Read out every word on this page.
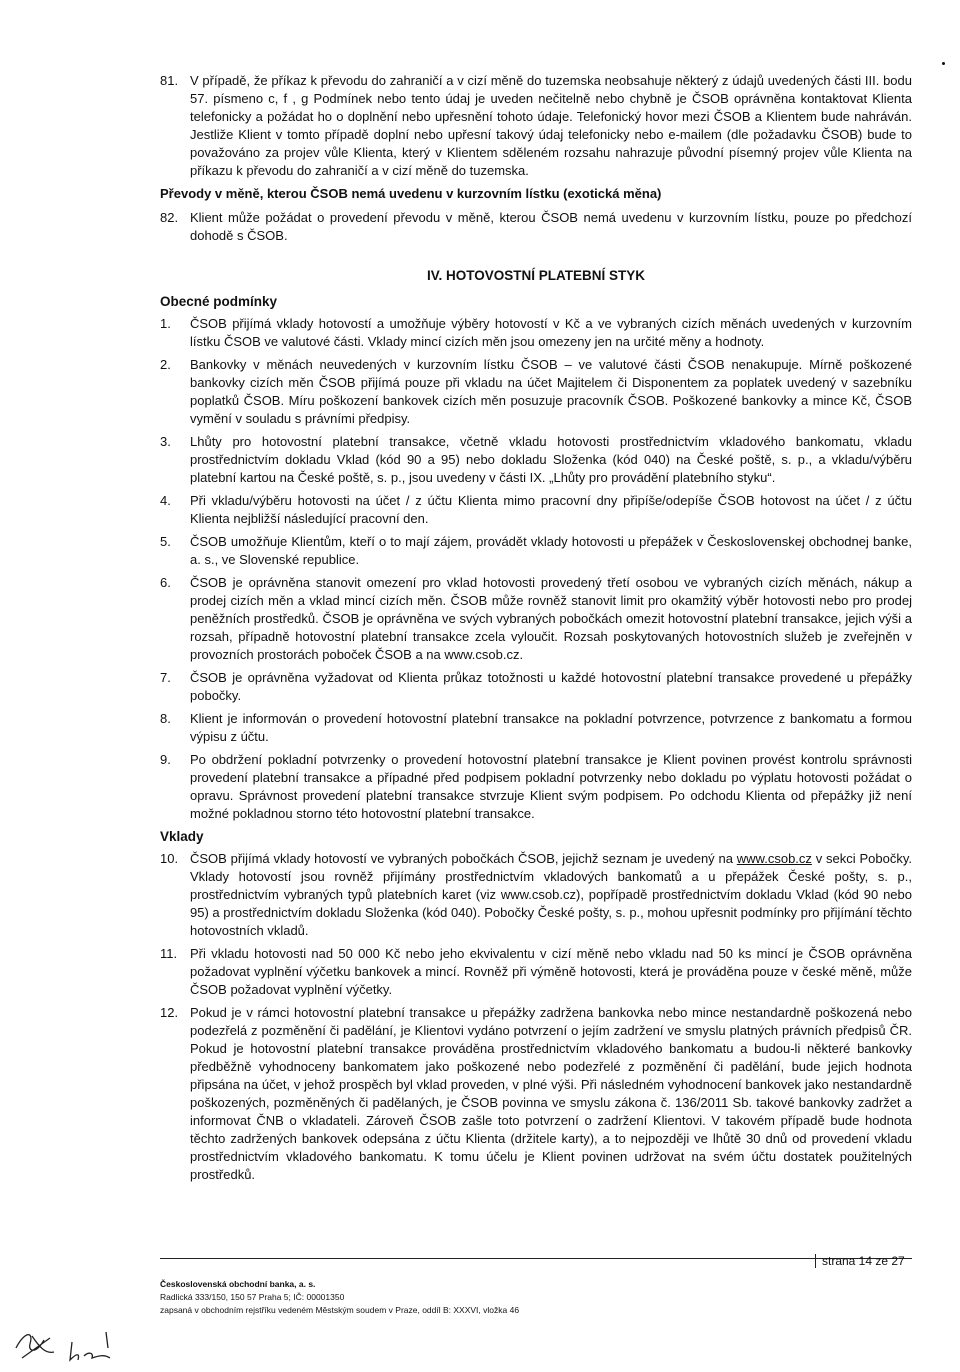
81. V případě, že příkaz k převodu do zahraničí a v cizí měně do tuzemska neobsahuje některý z údajů uvedených části III. bodu 57. písmeno c, f , g Podmínek nebo tento údaj je uveden nečitelně nebo chybně je ČSOB oprávněna kontaktovat Klienta telefonicky a požádat ho o doplnění nebo upřesnění tohoto údaje. Telefonický hovor mezi ČSOB a Klientem bude nahráván. Jestliže Klient v tomto případě doplní nebo upřesní takový údaj telefonicky nebo e-mailem (dle požadavku ČSOB) bude to považováno za projev vůle Klienta, který v Klientem sděleném rozsahu nahrazuje původní písemný projev vůle Klienta na příkazu k převodu do zahraničí a v cizí měně do tuzemska.
Převody v měně, kterou ČSOB nemá uvedenu v kurzovním lístku (exotická měna)
82. Klient může požádat o provedení převodu v měně, kterou ČSOB nemá uvedenu v kurzovním lístku, pouze po předchozí dohodě s ČSOB.
IV. HOTOVOSTNÍ PLATEBNÍ STYK
Obecné podmínky
1.	ČSOB přijímá vklady hotovostí a umožňuje výběry hotovostí v Kč a ve vybraných cizích měnách uvedených v kurzovním lístku ČSOB ve valutové části. Vklady mincí cizích měn jsou omezeny jen na určité měny a hodnoty.
2.	Bankovky v měnách neuvedených v kurzovním lístku ČSOB – ve valutové části ČSOB nenakupuje. Mírně poškozené bankovky cizích měn ČSOB přijímá pouze při vkladu na účet Majitelem či Disponentem za poplatek uvedený v sazebníku poplatků ČSOB. Míru poškození bankovek cizích měn posuzuje pracovník ČSOB. Poškozené bankovky a mince Kč, ČSOB vymění v souladu s právními předpisy.
3.	Lhůty pro hotovostní platební transakce, včetně vkladu hotovosti prostřednictvím vkladového bankomatu, vkladu prostřednictvím dokladu Vklad (kód 90 a 95) nebo dokladu Složenka (kód 040) na České poště, s. p., a vkladu/výběru platební kartou na České poště, s. p., jsou uvedeny v části IX. „Lhůty pro provádění platebního styku“.
4.	Při vkladu/výběru hotovosti na účet / z účtu Klienta mimo pracovní dny připíše/odepíše ČSOB hotovost na účet / z účtu Klienta nejbližší následující pracovní den.
5.	ČSOB umožňuje Klientům, kteří o to mají zájem, provádět vklady hotovosti u přepážek v Československej obchodnej banke, a. s., ve Slovenské republice.
6.	ČSOB je oprávněna stanovit omezení pro vklad hotovosti provedený třetí osobou ve vybraných cizích měnách, nákup a prodej cizích měn a vklad mincí cizích měn. ČSOB může rovněž stanovit limit pro okamžitý výběr hotovosti nebo pro prodej peněžních prostředků. ČSOB je oprávněna ve svých vybraných pobočkách omezit hotovostní platební transakce, jejich výši a rozsah, případně hotovostní platební transakce zcela vyloučit. Rozsah poskytovaných hotovostních služeb je zveřejněn v provozních prostorách poboček ČSOB a na www.csob.cz.
7.	ČSOB je oprávněna vyžadovat od Klienta průkaz totožnosti u každé hotovostní platební transakce provedené u přepážky pobočky.
8.	Klient je informován o provedení hotovostní platební transakce na pokladní potvrzence, potvrzence z bankomatu a formou výpisu z účtu.
9.	Po obdržení pokladní potvrzenky o provedení hotovostní platební transakce je Klient povinen provést kontrolu správnosti provedení platební transakce a případné před podpisem pokladní potvrzenky nebo dokladu po výplatu hotovosti požádat o opravu. Správnost provedení platební transakce stvrzuje Klient svým podpisem. Po odchodu Klienta od přepážky již není možné pokladnou storno této hotovostní platební transakce.
Vklady
10. ČSOB přijímá vklady hotovostí ve vybraných pobočkách ČSOB, jejichž seznam je uvedený na www.csob.cz v sekci Pobočky. Vklady hotovostí jsou rovněž přijímány prostřednictvím vkladových bankomatů a u přepážek České pošty, s. p., prostřednictvím vybraných typů platebních karet (viz www.csob.cz), popřípadě prostřednictvím dokladu Vklad (kód 90 nebo 95) a prostřednictvím dokladu Složenka (kód 040). Pobočky České pošty, s. p., mohou upřesnit podmínky pro přijímání těchto hotovostních vkladů.
11. Při vkladu hotovosti nad 50 000 Kč nebo jeho ekvivalentu v cizí měně nebo vkladu nad 50 ks mincí je ČSOB oprávněna požadovat vyplnění výčetku bankovek a mincí. Rovněž při výměně hotovosti, která je prováděna pouze v české měně, může ČSOB požadovat vyplnění výčetky.
12. Pokud je v rámci hotovostní platební transakce u přepážky zadržena bankovka nebo mince nestandardně poškozená nebo podezřelá z pozměnění či padělání, je Klientovi vydáno potvrzení o jejím zadržení ve smyslu platných právních předpisů ČR. Pokud je hotovostní platební transakce prováděna prostřednictvím vkladového bankomatu a budou-li některé bankovky předběžně vyhodnoceny bankomatem jako poškozené nebo podezřelé z pozměnění či padělání, bude jejich hodnota připsána na účet, v jehož prospěch byl vklad proveden, v plné výši. Při následném vyhodnocení bankovek jako nestandardně poškozených, pozměněných či padělaných, je ČSOB povinna ve smyslu zákona č. 136/2011 Sb. takové bankovky zadržet a informovat ČNB o vkladateli. Zároveň ČSOB zašle toto potvrzení o zadržení Klientovi. V takovém případě bude hodnota těchto zadržených bankovek odepsána z účtu Klienta (držitele karty), a to nejpozději ve lhůtě 30 dnů od provedení vkladu prostřednictvím vkladového bankomatu. K tomu účelu je Klient povinen udržovat na svém účtu dostatek použitelných prostředků.
strana 14 ze 27
Československá obchodní banka, a. s.
Radlická 333/150, 150 57 Praha 5; IČ: 00001350
zapsaná v obchodním rejstříku vedeném Městským soudem v Praze, oddíl B: XXXVI, vložka 46
